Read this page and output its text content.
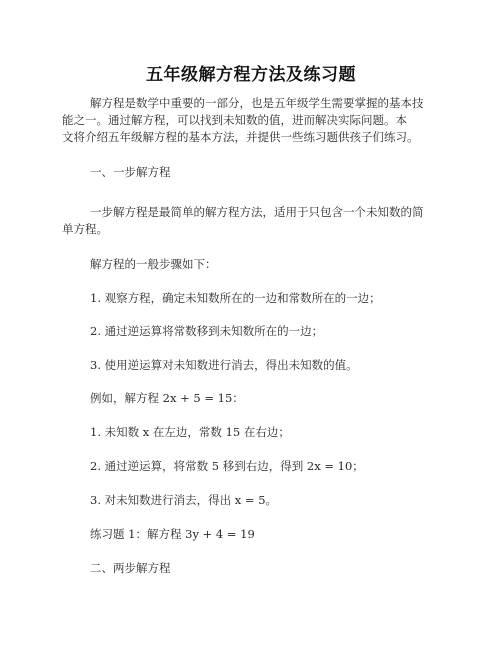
五年级解方程方法及练习题
解方程是数学中重要的一部分，也是五年级学生需要掌握的基本技
能之一。通过解方程，可以找到未知数的值，进而解决实际问题。本
文将介绍五年级解方程的基本方法，并提供一些练习题供孩子们练习。
一、一步解方程
一步解方程是最简单的解方程方法，适用于只包含一个未知数的简
单方程。
解方程的一般步骤如下：
1. 观察方程，确定未知数所在的一边和常数所在的一边；
2. 通过逆运算将常数移到未知数所在的一边；
3. 使用逆运算对未知数进行消去，得出未知数的值。
例如，解方程 2x + 5 = 15：
1. 未知数 x 在左边，常数 15 在右边；
2. 通过逆运算，将常数 5 移到右边，得到 2x = 10；
3. 对未知数进行消去，得出 x = 5。
练习题 1：解方程 3y + 4 = 19
二、两步解方程
